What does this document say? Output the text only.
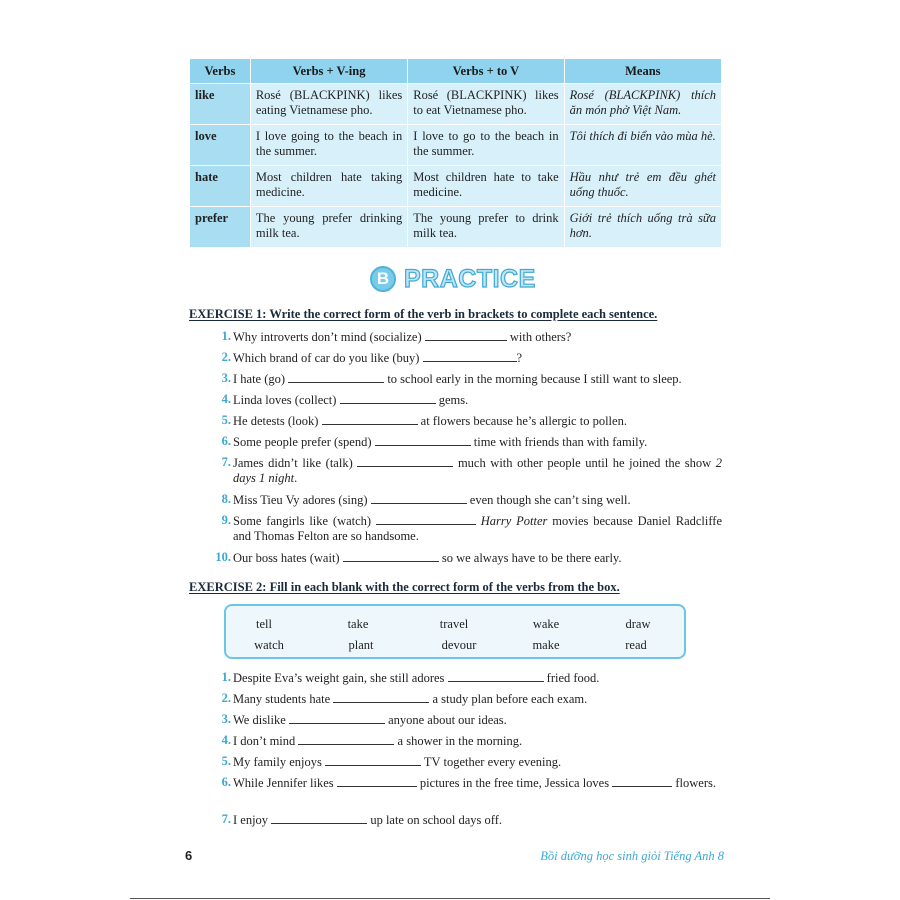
Verbs	Verbs + V-ing	Verbs + to V	Means
like	Rosé (BLACKPINK) likes eating Vietnamese pho.	Rosé (BLACKPINK) likes to eat Vietnamese pho.	Rosé (BLACKPINK) thích ăn món phở Việt Nam.
love	I love going to the beach in the summer.	I love to go to the beach in the summer.	Tôi thích đi biển vào mùa hè.
hate	Most children hate taking medicine.	Most children hate to take medicine.	Hầu như trẻ em đều ghét uống thuốc.
prefer	The young prefer drinking milk tea.	The young prefer to drink milk tea.	Giới trẻ thích uống trà sữa hơn.
B PRACTICE
EXERCISE 1: Write the correct form of the verb in brackets to complete each sentence.
1. Why introverts don’t mind (socialize)	with others?
2. Which brand of car do you like (buy)	?
3. I hate (go)	to school early in the morning because I still want to sleep.
4. Linda loves (collect)	gems.
5. He detests (look)	at flowers because he’s allergic to pollen.
6. Some people prefer (spend)	time with friends than with family.
7. James didn’t like (talk)	much with other people until he joined the show 2 days 1 night.
8. Miss Tieu Vy adores (sing)	even though she can’t sing well.
9. Some fangirls like (watch)	Harry Potter movies because Daniel Radcliffe and Thomas Felton are so handsome.
10. Our boss hates (wait)	so we always have to be there early.
EXERCISE 2: Fill in each blank with the correct form of the verbs from the box.
tell	take	travel	wake	draw
watch	plant	devour	make	read
1. Despite Eva’s weight gain, she still adores	fried food.
2. Many students hate	a study plan before each exam.
3. We dislike	anyone about our ideas.
4. I don’t mind	a shower in the morning.
5. My family enjoys	TV together every evening.
6. While Jennifer likes	pictures in the free time, Jessica loves	flowers.
7. I enjoy	up late on school days off.
6	Bồi dưỡng học sinh giỏi Tiếng Anh 8
